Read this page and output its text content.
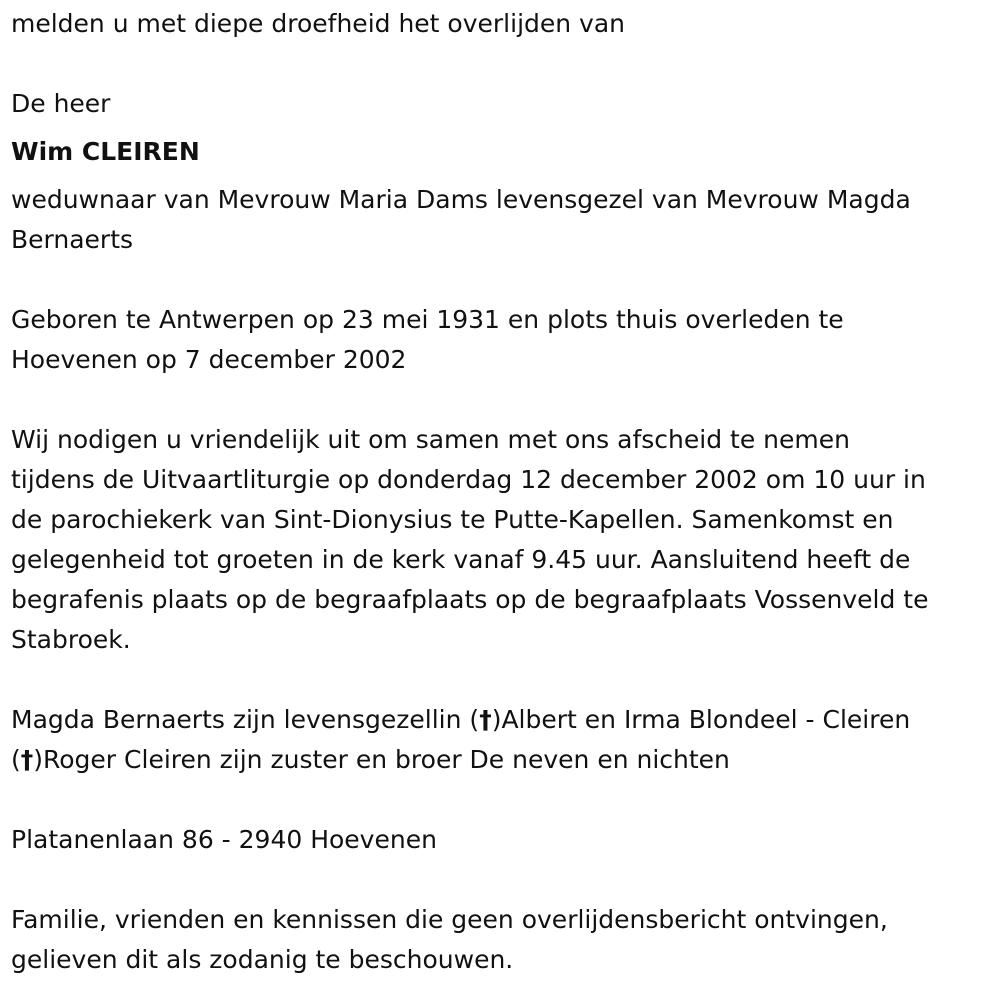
melden u met diepe droefheid het overlijden van

De heer

Wim CLEIREN

weduwnaar van Mevrouw Maria Dams levensgezel van Mevrouw Magda

Bernaerts

Geboren te Antwerpen op 23 mei 1931 en plots thuis overleden te

Hoevenen op 7 december 2002

Wij nodigen u vriendelijk uit om samen met ons afscheid te nemen

tijdens de Uitvaartliturgie op donderdag 12 december 2002 om 10 uur in

de parochiekerk van Sint-Dionysius te Putte-Kapellen. Samenkomst en

gelegenheid tot groeten in de kerk vanaf 9.45 uur. Aansluitend heeft de

begrafenis plaats op de begraafplaats op de begraafplaats Vossenveld te

Stabroek.

Magda Bernaerts zijn levensgezellin (†)Albert en Irma Blondeel - Cleiren

(†)Roger Cleiren zijn zuster en broer De neven en nichten

Platanenlaan 86 - 2940 Hoevenen

Familie, vrienden en kennissen die geen overlijdensbericht ontvingen,

gelieven dit als zodanig te beschouwen.
